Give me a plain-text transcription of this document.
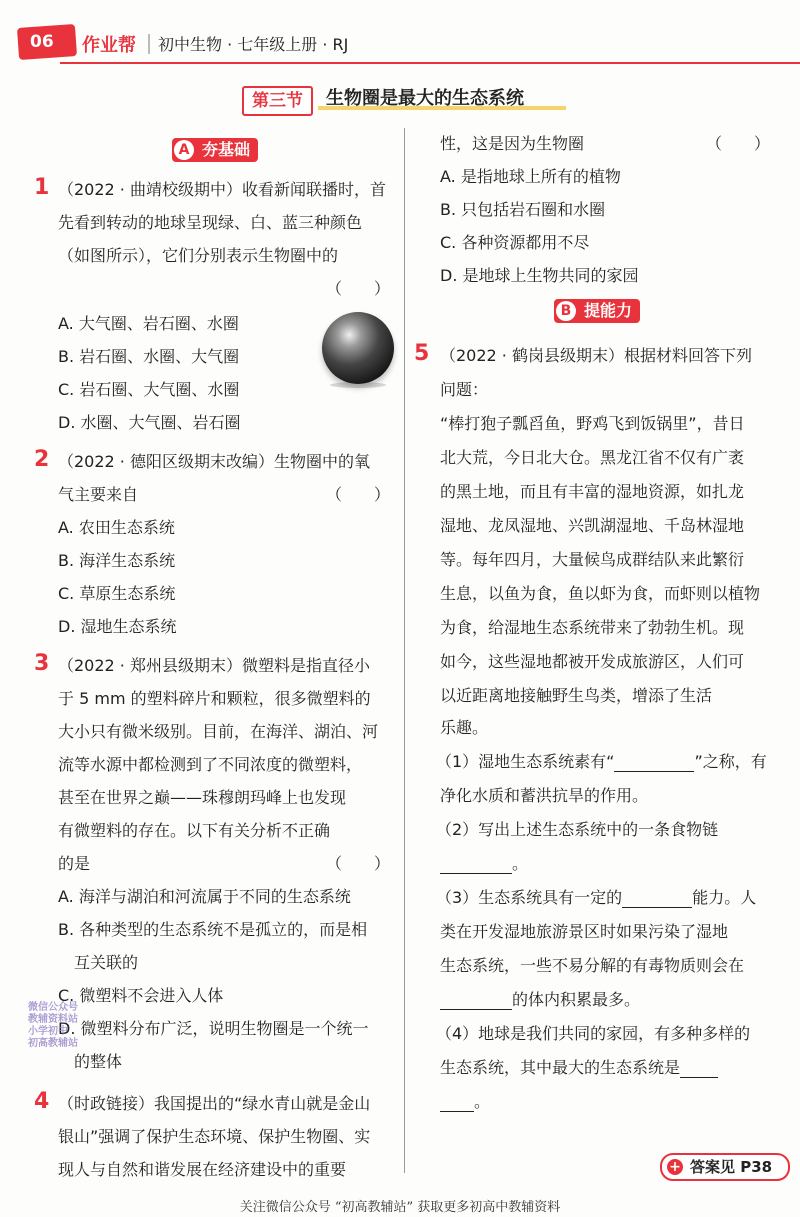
06 作业帮 初中生物 · 七年级上册 · RJ
第三节	生物圈是最大的生态系统
A 夯基础
1 （2022 · 曲靖校级期中）收看新闻联播时，首
先看到转动的地球呈现绿、白、蓝三种颜色
（如图所示），它们分别表示生物圈中的
（　　）
A. 大气圈、岩石圈、水圈
B. 岩石圈、水圈、大气圈
C. 岩石圈、大气圈、水圈
D. 水圈、大气圈、岩石圈
2 （2022 · 德阳区级期末改编）生物圈中的氧
气主要来自	（　　）
A. 农田生态系统
B. 海洋生态系统
C. 草原生态系统
D. 湿地生态系统
3 （2022 · 郑州县级期末）微塑料是指直径小
于 5 mm 的塑料碎片和颗粒，很多微塑料的
大小只有微米级别。目前，在海洋、湖泊、河
流等水源中都检测到了不同浓度的微塑料，
甚至在世界之巅——珠穆朗玛峰上也发现
有微塑料的存在。以下有关分析不正确
的是	（　　）
A. 海洋与湖泊和河流属于不同的生态系统
B. 各种类型的生态系统不是孤立的，而是相
互关联的
C. 微塑料不会进入人体
D. 微塑料分布广泛，说明生物圈是一个统一
的整体
微信公众号
教辅资料站
小学初中
初高教辅站
4 （时政链接）我国提出的“绿水青山就是金山
银山”强调了保护生态环境、保护生物圈、实
现人与自然和谐发展在经济建设中的重要
性，这是因为生物圈	（　　）
A. 是指地球上所有的植物
B. 只包括岩石圈和水圈
C. 各种资源都用不尽
D. 是地球上生物共同的家园
B 提能力
5 （2022 · 鹤岗县级期末）根据材料回答下列
问题：
“棒打狍子瓢舀鱼，野鸡飞到饭锅里”，昔日
北大荒，今日北大仓。黑龙江省不仅有广袤
的黑土地，而且有丰富的湿地资源，如扎龙
湿地、龙凤湿地、兴凯湖湿地、千岛林湿地
等。每年四月，大量候鸟成群结队来此繁衍
生息，以鱼为食，鱼以虾为食，而虾则以植物
为食，给湿地生态系统带来了勃勃生机。现
如今，这些湿地都被开发成旅游区，人们可
以近距离地接触野生鸟类，增添了生活
乐趣。
（1）湿地生态系统素有“	”之称，有
净化水质和蓄洪抗旱的作用。
（2）写出上述生态系统中的一条食物链
。
（3）生态系统具有一定的	能力。人
类在开发湿地旅游景区时如果污染了湿地
生态系统，一些不易分解的有毒物质则会在
的体内积累最多。
（4）地球是我们共同的家园，有多种多样的
生态系统，其中最大的生态系统是
。
+ 答案见 P38
关注微信公众号 “初高教辅站” 获取更多初高中教辅资料
